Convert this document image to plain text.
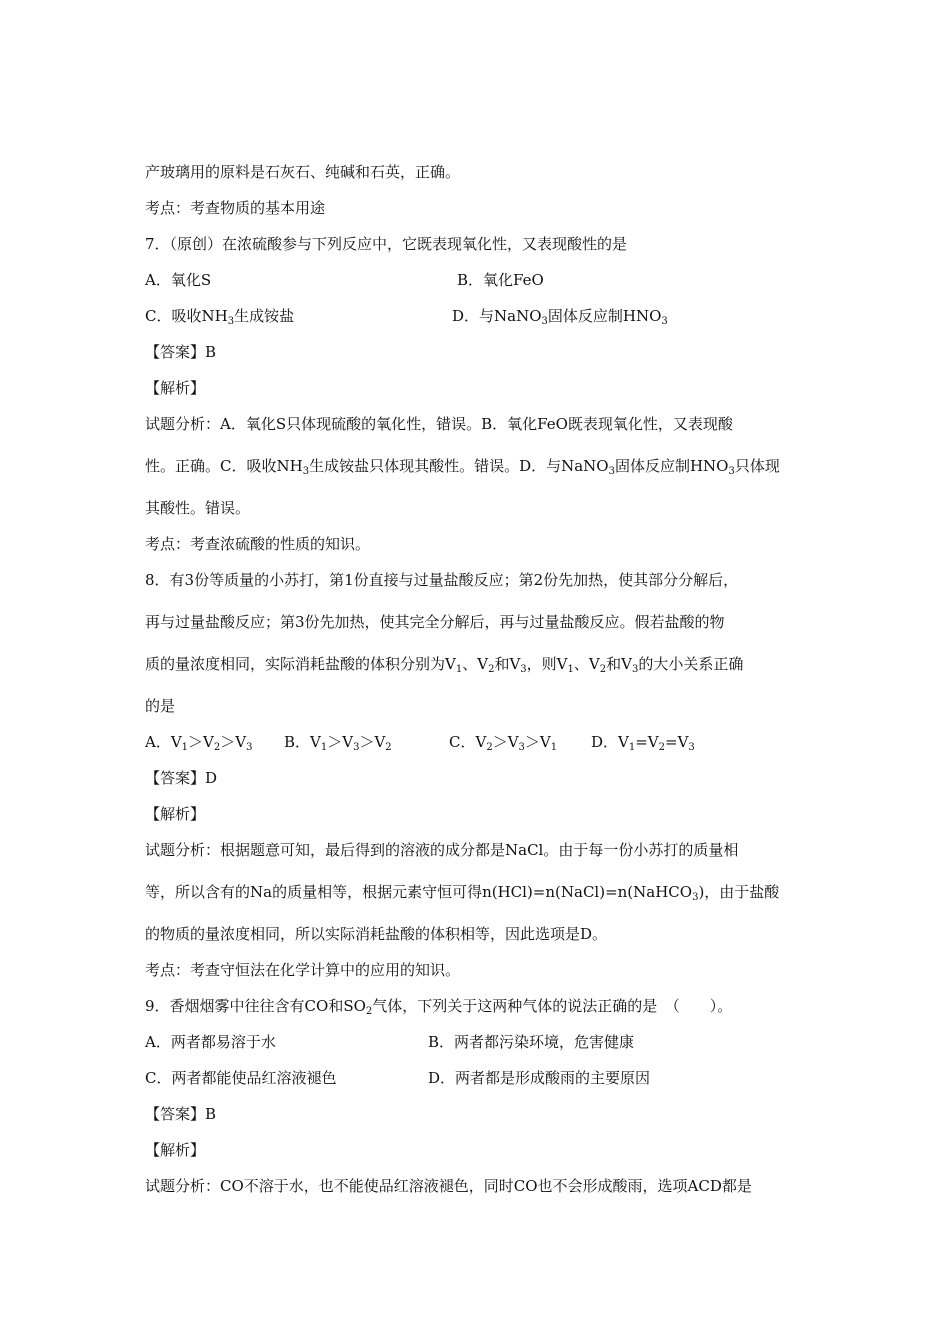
产玻璃用的原料是石灰石、纯碱和石英，正确。
考点：考查物质的基本用途
7．（原创）在浓硫酸参与下列反应中，它既表现氧化性，又表现酸性的是
A．氧化S	B．氧化FeO
C．吸收$NH_3$生成铵盐	D．与NaNO$_3$固体反应制$HNO_3$
【答案】B
【解析】
试题分析：A．氧化S只体现硫酸的氧化性，错误。B．氧化FeO既表现氧化性，又表现酸
性。正确。C．吸收$NH_3$生成铵盐只体现其酸性。错误。D．与NaNO$_3$固体反应制$HNO_3$只体现
其酸性。错误。
考点：考查浓硫酸的性质的知识。
8．有3份等质量的小苏打，第1份直接与过量盐酸反应；第2份先加热，使其部分分解后，
再与过量盐酸反应；第3份先加热，使其完全分解后，再与过量盐酸反应。假若盐酸的物
质的量浓度相同，实际消耗盐酸的体积分别为$V_1$、$V_2$和$V_3$，则$V_1$、$V_2$和$V_3$的大小关系正确
的是
A．$V_1>V_2>V_3$ B．$V_1>V_3>V_2$	C．$V_2>V_3>V_1$ D．$V_1=V_2=V_3$
【答案】D
【解析】
试题分析：根据题意可知，最后得到的溶液的成分都是NaCl。由于每一份小苏打的质量相
等，所以含有的Na的质量相等，根据元素守恒可得n(HCl)=n(NaCl)=n(NaHCO$_3$)，由于盐酸
的物质的量浓度相同，所以实际消耗盐酸的体积相等，因此选项是D。
考点：考查守恒法在化学计算中的应用的知识。
9．香烟烟雾中往往含有CO和$SO_2$气体，下列关于这两种气体的说法正确的是　（　　）。
A．两者都易溶于水	B．两者都污染环境，危害健康
C．两者都能使品红溶液褪色	D．两者都是形成酸雨的主要原因
【答案】B
【解析】
试题分析：CO不溶于水，也不能使品红溶液褪色，同时CO也不会形成酸雨，选项ACD都是
